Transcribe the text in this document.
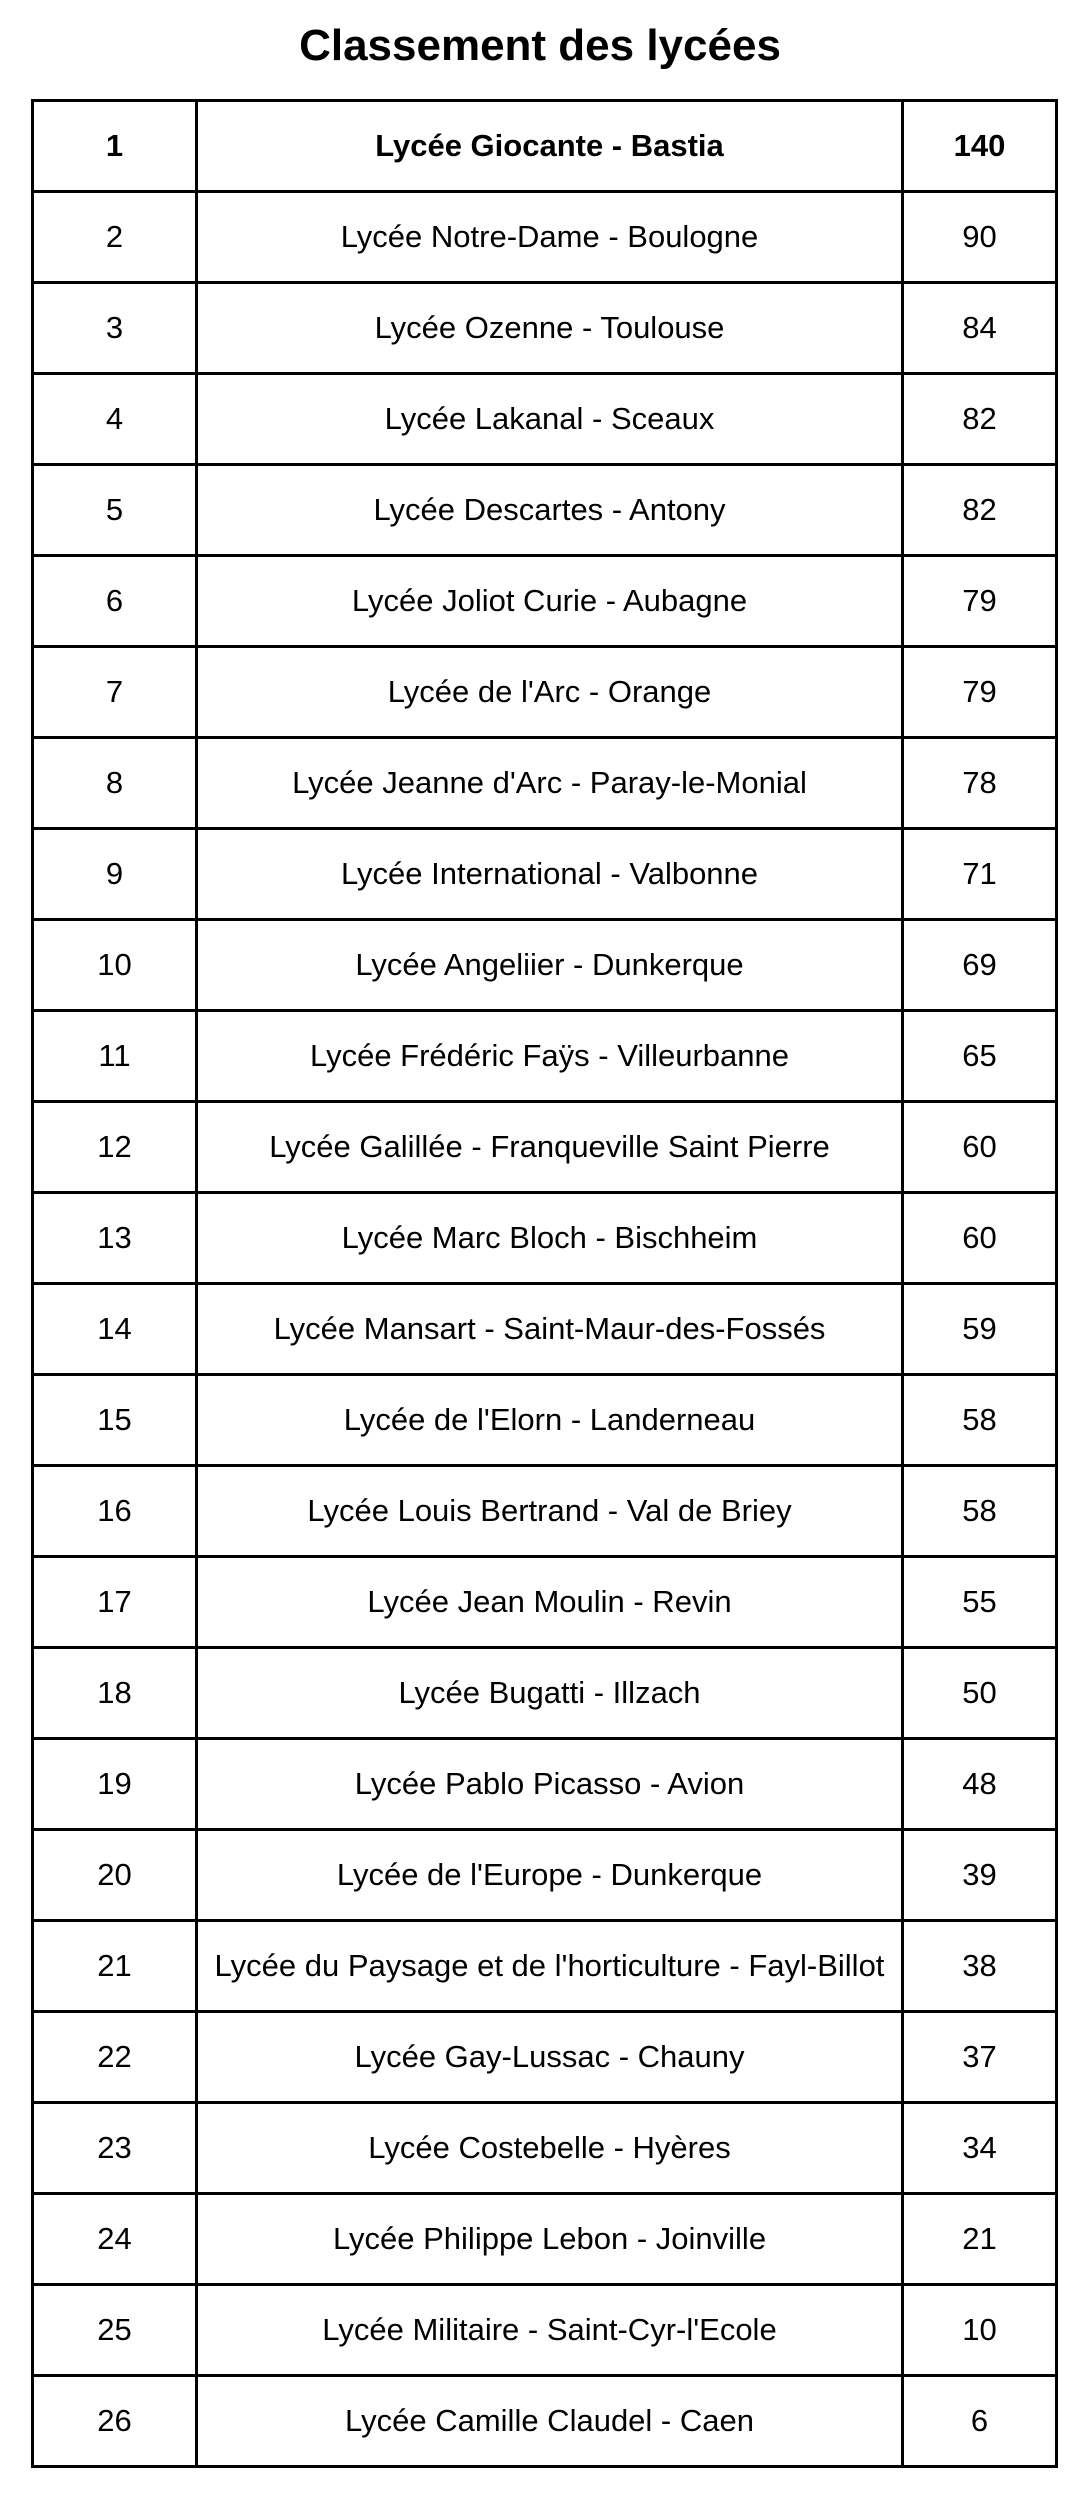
Classement des lycées
1	Lycée Giocante - Bastia	140
2	Lycée Notre-Dame - Boulogne	90
3	Lycée Ozenne - Toulouse	84
4	Lycée Lakanal - Sceaux	82
5	Lycée Descartes - Antony	82
6	Lycée Joliot Curie - Aubagne	79
7	Lycée de l'Arc - Orange	79
8	Lycée Jeanne d'Arc - Paray-le-Monial	78
9	Lycée International - Valbonne	71
10	Lycée Angeliier - Dunkerque	69
11	Lycée Frédéric Faÿs - Villeurbanne	65
12	Lycée Galillée - Franqueville Saint Pierre	60
13	Lycée Marc Bloch - Bischheim	60
14	Lycée Mansart - Saint-Maur-des-Fossés	59
15	Lycée de l'Elorn - Landerneau	58
16	Lycée Louis Bertrand - Val de Briey	58
17	Lycée Jean Moulin - Revin	55
18	Lycée Bugatti - Illzach	50
19	Lycée Pablo Picasso - Avion	48
20	Lycée de l'Europe - Dunkerque	39
21	Lycée du Paysage et de l'horticulture - Fayl-Billot	38
22	Lycée Gay-Lussac - Chauny	37
23	Lycée Costebelle - Hyères	34
24	Lycée Philippe Lebon - Joinville	21
25	Lycée Militaire - Saint-Cyr-l'Ecole	10
26	Lycée Camille Claudel - Caen	6
